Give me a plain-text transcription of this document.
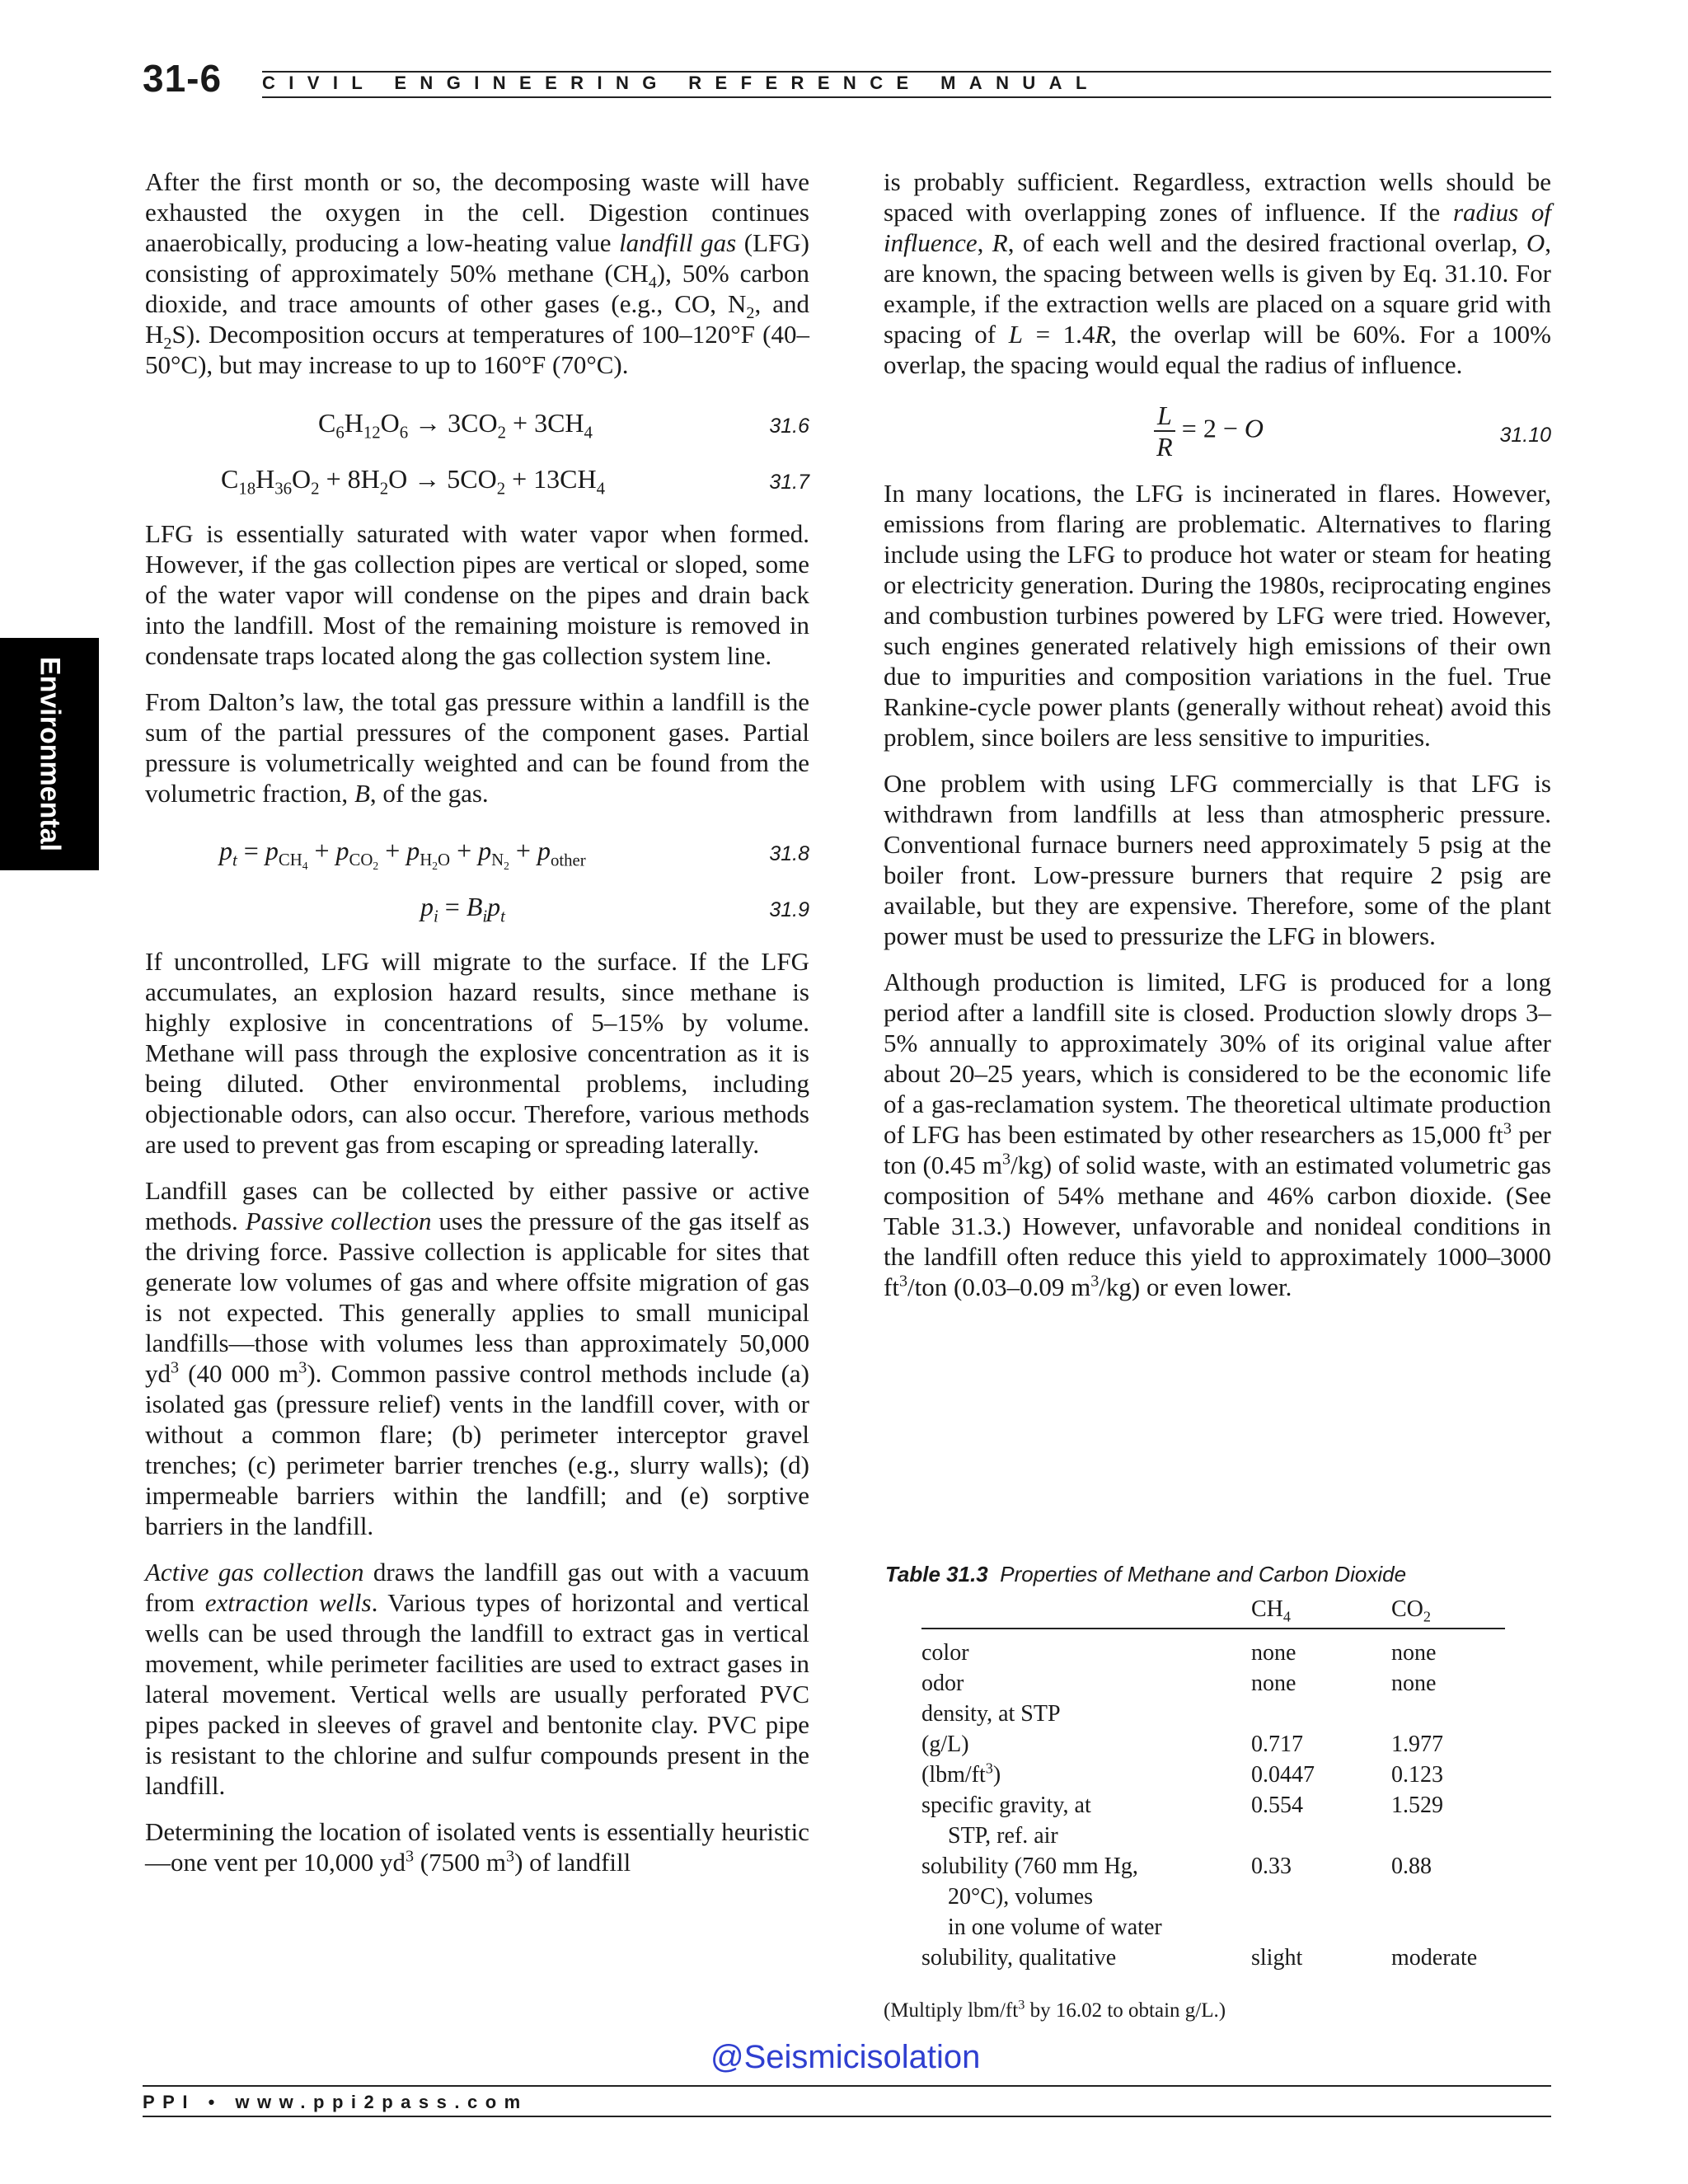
31-6 CIVIL ENGINEERING REFERENCE MANUAL
Environmental

After the first month or so, the decomposing waste will have exhausted the oxygen in the cell. Digestion continues anaerobically, producing a low-heating value landfill gas (LFG) consisting of approximately 50% methane $(CH_4)$, 50% carbon dioxide, and trace amounts of other gases (e.g., CO, $N_2$, and $H_2S$). Decomposition occurs at temperatures of 100–120°F (40–50°C), but may increase to up to 160°F (70°C).

$C_6H_{12}O_6 \to 3CO_2 + 3CH_4$	31.6
$C_{18}H_{36}O_2 + 8H_2O \to 5CO_2 + 13CH_4$	31.7

LFG is essentially saturated with water vapor when formed. However, if the gas collection pipes are vertical or sloped, some of the water vapor will condense on the pipes and drain back into the landfill. Most of the remaining moisture is removed in condensate traps located along the gas collection system line.

From Dalton’s law, the total gas pressure within a landfill is the sum of the partial pressures of the component gases. Partial pressure is volumetrically weighted and can be found from the volumetric fraction, B, of the gas.

$p_t = p_{CH_4} + p_{CO_2} + p_{H_2O} + p_{N_2} + p_{other}$	31.8
$p_i = B_ip_t$	31.9

If uncontrolled, LFG will migrate to the surface. If the LFG accumulates, an explosion hazard results, since methane is highly explosive in concentrations of 5–15% by volume. Methane will pass through the explosive concentration as it is being diluted. Other environmental problems, including objectionable odors, can also occur. Therefore, various methods are used to prevent gas from escaping or spreading laterally.

Landfill gases can be collected by either passive or active methods. Passive collection uses the pressure of the gas itself as the driving force. Passive collection is applicable for sites that generate low volumes of gas and where offsite migration of gas is not expected. This generally applies to small municipal landfills—those with volumes less than approximately 50,000 $yd^3$ (40 000 $m^3$). Common passive control methods include (a) isolated gas (pressure relief) vents in the landfill cover, with or without a common flare; (b) perimeter interceptor gravel trenches; (c) perimeter barrier trenches (e.g., slurry walls); (d) impermeable barriers within the landfill; and (e) sorptive barriers in the landfill.

Active gas collection draws the landfill gas out with a vacuum from extraction wells. Various types of horizontal and vertical wells can be used through the landfill to extract gas in vertical movement, while perimeter facilities are used to extract gases in lateral movement. Vertical wells are usually perforated PVC pipes packed in sleeves of gravel and bentonite clay. PVC pipe is resistant to the chlorine and sulfur compounds present in the landfill.

Determining the location of isolated vents is essentially heuristic—one vent per 10,000 $yd^3$ (7500 $m^3$) of landfill

is probably sufficient. Regardless, extraction wells should be spaced with overlapping zones of influence. If the radius of influence, R, of each well and the desired fractional overlap, O, are known, the spacing between wells is given by Eq. 31.10. For example, if the extraction wells are placed on a square grid with spacing of L = 1.4R, the overlap will be 60%. For a 100% overlap, the spacing would equal the radius of influence.

$\frac{L}{R} = 2 - O$	31.10

In many locations, the LFG is incinerated in flares. However, emissions from flaring are problematic. Alternatives to flaring include using the LFG to produce hot water or steam for heating or electricity generation. During the 1980s, reciprocating engines and combustion turbines powered by LFG were tried. However, such engines generated relatively high emissions of their own due to impurities and composition variations in the fuel. True Rankine-cycle power plants (generally without reheat) avoid this problem, since boilers are less sensitive to impurities.

One problem with using LFG commercially is that LFG is withdrawn from landfills at less than atmospheric pressure. Conventional furnace burners need approximately 5 psig at the boiler front. Low-pressure burners that require 2 psig are available, but they are expensive. Therefore, some of the plant power must be used to pressurize the LFG in blowers.

Although production is limited, LFG is produced for a long period after a landfill site is closed. Production slowly drops 3–5% annually to approximately 30% of its original value after about 20–25 years, which is considered to be the economic life of a gas-reclamation system. The theoretical ultimate production of LFG has been estimated by other researchers as 15,000 $ft^3$ per ton (0.45 $m^3/kg$) of solid waste, with an estimated volumetric gas composition of 54% methane and 46% carbon dioxide. (See Table 31.3.) However, unfavorable and nonideal conditions in the landfill often reduce this yield to approximately 1000–3000 $ft^3$/ton (0.03–0.09 $m^3/kg$) or even lower.

Table 31.3 Properties of Methane and Carbon Dioxide
	$CH_4$	$CO_2$
color	none	none
odor	none	none
density, at STP		
(g/L)	0.717	1.977
$(lbm/ft^3)$	0.0447	0.123
specific gravity, at
STP, ref. air	0.554	1.529
solubility (760 mm Hg,
20°C), volumes
in one volume of water	0.33	0.88
solubility, qualitative	slight	moderate
(Multiply lbm/$ft^3$ by 16.02 to obtain g/L.)
@Seismicisolation
PPI • www.ppi2pass.com
